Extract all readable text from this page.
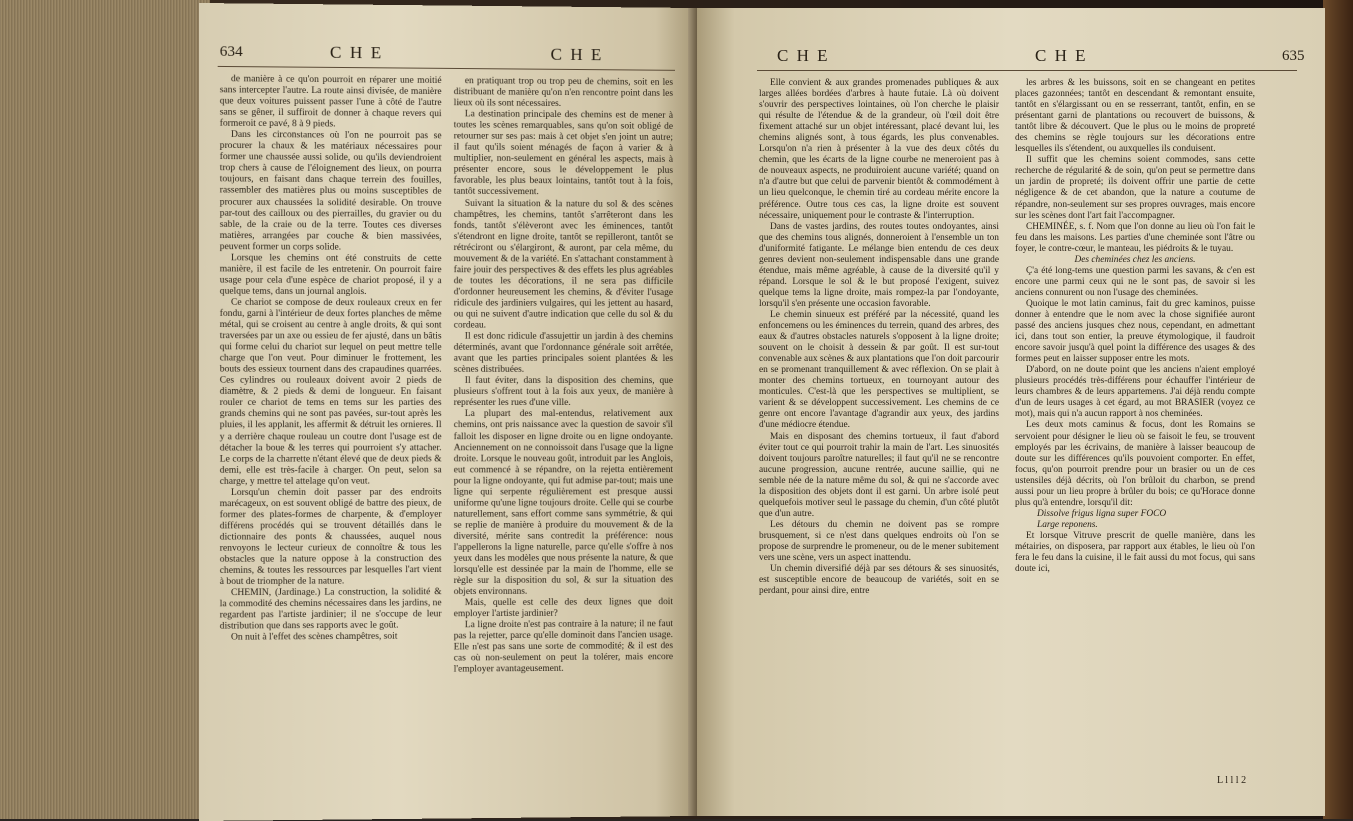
634	C H E	C H E

de manière à ce qu'on pourroit en réparer une moitié sans intercepter l'autre. La route ainsi divisée, de manière que deux voitures puissent passer l'une à côté de l'autre sans se gêner, il suffiroit de donner à chaque revers qui formeroit ce pavé, 8 à 9 pieds.

Dans les circonstances où l'on ne pourroit pas se procurer la chaux & les matériaux nécessaires pour former une chaussée aussi solide, ou qu'ils deviendroient trop chers à cause de l'éloignement des lieux, on pourra toujours, en faisant dans chaque terrein des fouilles, rassembler des matières plus ou moins susceptibles de procurer aux chaussées la solidité desirable. On trouve par-tout des cailloux ou des pierrailles, du gravier ou du sable, de la craie ou de la terre. Toutes ces diverses matières, arrangées par couche & bien massivées, peuvent former un corps solide.

Lorsque les chemins ont été construits de cette manière, il est facile de les entretenir. On pourroit faire usage pour cela d'une espèce de chariot proposé, il y a quelque tems, dans un journal anglois.

Ce chariot se compose de deux rouleaux creux en fer fondu, garni à l'intérieur de deux fortes planches de même métal, qui se croisent au centre à angle droits, & qui sont traversées par un axe ou essieu de fer ajusté, dans un bâtis qui forme celui du chariot sur lequel on peut mettre telle charge que l'on veut. Pour diminuer le frottement, les bouts des essieux tournent dans des crapaudines quarrées. Ces cylindres ou rouleaux doivent avoir 2 pieds de diamètre, & 2 pieds & demi de longueur. En faisant rouler ce chariot de tems en tems sur les parties des grands chemins qui ne sont pas pavées, sur-tout après les pluies, il les applanit, les affermit & détruit les ornieres. Il y a derrière chaque rouleau un coutre dont l'usage est de détacher la boue & les terres qui pourroient s'y attacher. Le corps de la charrette n'étant élevé que de deux pieds & demi, elle est très-facile à charger. On peut, selon sa charge, y mettre tel attelage qu'on veut.

Lorsqu'un chemin doit passer par des endroits marécageux, on est souvent obligé de battre des pieux, de former des plates-formes de charpente, & d'employer différens procédés qui se trouvent détaillés dans le dictionnaire des ponts & chaussées, auquel nous renvoyons le lecteur curieux de connoître & tous les obstacles que la nature oppose à la construction des chemins, & toutes les ressources par lesquelles l'art vient à bout de triompher de la nature.

CHEMIN, (Jardinage.) La construction, la solidité & la commodité des chemins nécessaires dans les jardins, ne regardent pas l'artiste jardinier; il ne s'occupe de leur distribution que dans ses rapports avec le goût.

On nuit à l'effet des scènes champêtres, soit

en pratiquant trop ou trop peu de chemins, soit en les distribuant de manière qu'on n'en rencontre point dans les lieux où ils sont nécessaires.

La destination principale des chemins est de mener à toutes les scènes remarquables, sans qu'on soit obligé de retourner sur ses pas: mais à cet objet s'en joint un autre; il faut qu'ils soient ménagés de façon à varier & à multiplier, non-seulement en général les aspects, mais à présenter encore, sous le développement le plus favorable, les plus beaux lointains, tantôt tout à la fois, tantôt successivement.

Suivant la situation & la nature du sol & des scènes champêtres, les chemins, tantôt s'arrêteront dans les fonds, tantôt s'élèveront avec les éminences, tantôt s'étendront en ligne droite, tantôt se repilleront, tantôt se rétréciront ou s'élargiront, & auront, par cela même, du mouvement & de la variété. En s'attachant constamment à faire jouir des perspectives & des effets les plus agréables de toutes les décorations, il ne sera pas difficile d'ordonner heureusement les chemins, & d'éviter l'usage ridicule des jardiniers vulgaires, qui les jettent au hasard, ou qui ne suivent d'autre indication que celle du sol & du cordeau.

Il est donc ridicule d'assujettir un jardin à des chemins déterminés, avant que l'ordonnance générale soit arrêtée, avant que les parties principales soient plantées & les scènes distribuées.

Il faut éviter, dans la disposition des chemins, que plusieurs s'offrent tout à la fois aux yeux, de manière à représenter les rues d'une ville.

La plupart des mal-entendus, relativement aux chemins, ont pris naissance avec la question de savoir s'il falloit les disposer en ligne droite ou en ligne ondoyante. Anciennement on ne connoissoit dans l'usage que la ligne droite. Lorsque le nouveau goût, introduit par les Anglois, eut commencé à se répandre, on la rejetta entièrement pour la ligne ondoyante, qui fut admise par-tout; mais une ligne qui serpente régulièrement est presque aussi uniforme qu'une ligne toujours droite. Celle qui se courbe naturellement, sans effort comme sans symmétrie, & qui se replie de manière à produire du mouvement & de la diversité, mérite sans contredit la préférence: nous l'appellerons la ligne naturelle, parce qu'elle s'offre à nos yeux dans les modèles que nous présente la nature, & que lorsqu'elle est dessinée par la main de l'homme, elle se règle sur la disposition du sol, & sur la situation des objets environnans.

Mais, quelle est celle des deux lignes que doit employer l'artiste jardinier?

La ligne droite n'est pas contraire à la nature; il ne faut pas la rejetter, parce qu'elle dominoit dans l'ancien usage. Elle n'est pas sans une sorte de commodité; & il est des cas où non-seulement on peut la tolérer, mais encore l'employer avantageusement.

C H E	C H E	635

Elle convient & aux grandes promenades publiques & aux larges allées bordées d'arbres à haute futaie. Là où doivent s'ouvrir des perspectives lointaines, où l'on cherche le plaisir qui résulte de l'étendue & de la grandeur, où l'œil doit être fixement attaché sur un objet intéressant, placé devant lui, les chemins alignés sont, à tous égards, les plus convenables. Lorsqu'on n'a rien à présenter à la vue des deux côtés du chemin, que les écarts de la ligne courbe ne meneroient pas à de nouveaux aspects, ne produiroient aucune variété; quand on n'a d'autre but que celui de parvenir bientôt & commodément à un lieu quelconque, le chemin tiré au cordeau mérite encore la préférence. Outre tous ces cas, la ligne droite est souvent nécessaire, uniquement pour le contraste & l'interruption.

Dans de vastes jardins, des routes toutes ondoyantes, ainsi que des chemins tous alignés, donneroient à l'ensemble un ton d'uniformité fatigante. Le mélange bien entendu de ces deux genres devient non-seulement indispensable dans une grande étendue, mais même agréable, à cause de la diversité qu'il y répand. Lorsque le sol & le but proposé l'exigent, suivez quelque tems la ligne droite, mais rompez-la par l'ondoyante, lorsqu'il s'en présente une occasion favorable.

Le chemin sinueux est préféré par la nécessité, quand les enfoncemens ou les éminences du terrein, quand des arbres, des eaux & d'autres obstacles naturels s'opposent à la ligne droite; souvent on le choisit à dessein & par goût. Il est sur-tout convenable aux scènes & aux plantations que l'on doit parcourir en se promenant tranquillement & avec réflexion. On se plait à monter des chemins tortueux, en tournoyant autour des monticules. C'est-là que les perspectives se multiplient, se varient & se développent successivement. Les chemins de ce genre ont encore l'avantage d'agrandir aux yeux, des jardins d'une médiocre étendue.

Mais en disposant des chemins tortueux, il faut d'abord éviter tout ce qui pourroit trahir la main de l'art. Les sinuosités doivent toujours paroître naturelles; il faut qu'il ne se rencontre aucune progression, aucune rentrée, aucune saillie, qui ne semble née de la nature même du sol, & qui ne s'accorde avec la disposition des objets dont il est garni. Un arbre isolé peut quelquefois motiver seul le passage du chemin, d'un côté plutôt que d'un autre.

Les détours du chemin ne doivent pas se rompre brusquement, si ce n'est dans quelques endroits où l'on se propose de surprendre le promeneur, ou de le mener subitement vers une scène, vers un aspect inattendu.

Un chemin diversifié déjà par ses détours & ses sinuosités, est susceptible encore de beaucoup de variétés, soit en se perdant, pour ainsi dire, entre

les arbres & les buissons, soit en se changeant en petites places gazonnées; tantôt en descendant & remontant ensuite, tantôt en s'élargissant ou en se resserrant, tantôt, enfin, en se présentant garni de plantations ou recouvert de buissons, & tantôt libre & découvert. Que le plus ou le moins de propreté des chemins se règle toujours sur les décorations entre lesquelles ils s'étendent, ou auxquelles ils conduisent.

Il suffit que les chemins soient commodes, sans cette recherche de régularité & de soin, qu'on peut se permettre dans un jardin de propreté; ils doivent offrir une partie de cette négligence & de cet abandon, que la nature a coutume de répandre, non-seulement sur ses propres ouvrages, mais encore sur les scènes dont l'art fait l'accompagner.

CHEMINÉE, s. f. Nom que l'on donne au lieu où l'on fait le feu dans les maisons. Les parties d'une cheminée sont l'âtre ou foyer, le contre-cœur, le manteau, les piédroits & le tuyau.

Des cheminées chez les anciens.

Ç'a été long-tems une question parmi les savans, & c'en est encore une parmi ceux qui ne le sont pas, de savoir si les anciens connurent ou non l'usage des cheminées.

Quoique le mot latin caminus, fait du grec kaminos, puisse donner à entendre que le nom avec la chose signifiée auront passé des anciens jusques chez nous, cependant, en admettant ici, dans tout son entier, la preuve étymologique, il faudroit encore savoir jusqu'à quel point la différence des usages & des formes peut en laisser supposer entre les mots.

D'abord, on ne doute point que les anciens n'aient employé plusieurs procédés très-différens pour échauffer l'intérieur de leurs chambres & de leurs appartemens. J'ai déjà rendu compte d'un de leurs usages à cet égard, au mot BRASIER (voyez ce mot), mais qui n'a aucun rapport à nos cheminées.

Les deux mots caminus & focus, dont les Romains se servoient pour désigner le lieu où se faisoit le feu, se trouvent employés par les écrivains, de manière à laisser beaucoup de doute sur les différences qu'ils pouvoient comporter. En effet, focus, qu'on pourroit prendre pour un brasier ou un de ces ustensiles déjà décrits, où l'on brûloit du charbon, se prend aussi pour un lieu propre à brûler du bois; ce qu'Horace donne plus qu'à entendre, lorsqu'il dit:

Dissolve frigus ligna super FOCO

Large reponens.

Et lorsque Vitruve prescrit de quelle manière, dans les métairies, on disposera, par rapport aux étables, le lieu où l'on fera le feu dans la cuisine, il le fait aussi du mot focus, qui sans doute ici,

L l l l 2
